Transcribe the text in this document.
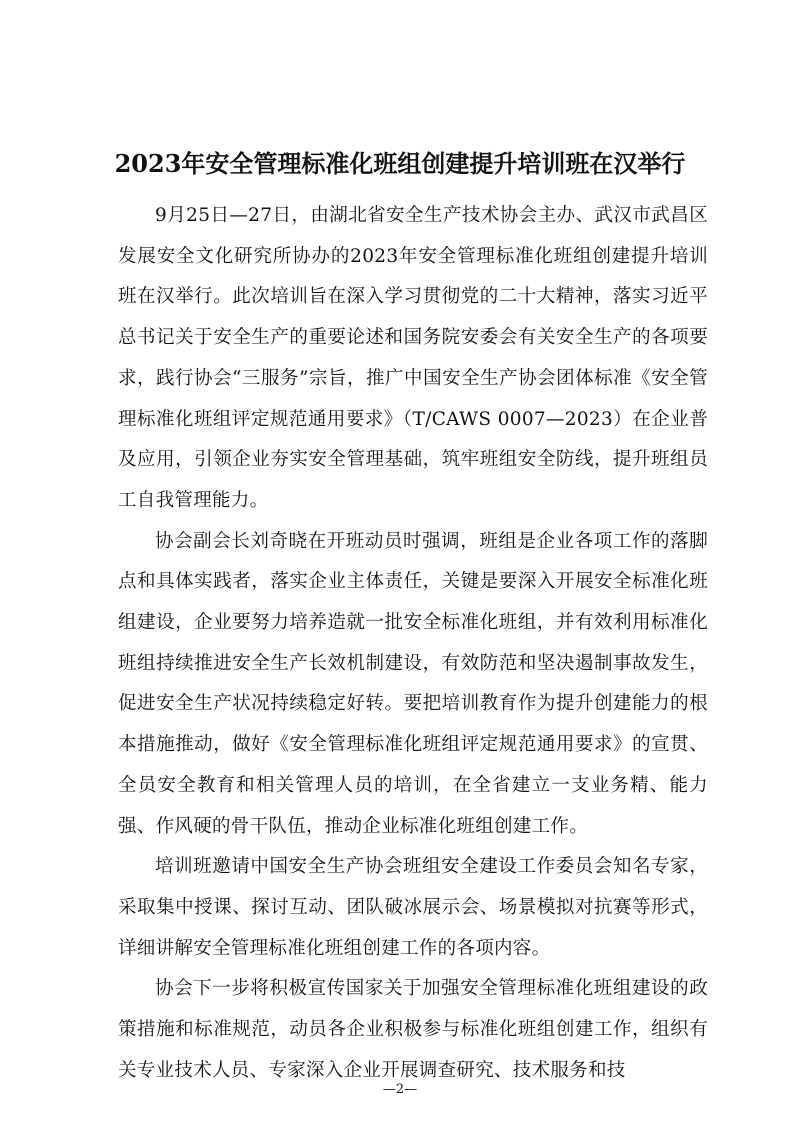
2023年安全管理标准化班组创建提升培训班在汉举行

9月25日—27日，由湖北省安全生产技术协会主办、武汉市武昌区发展安全文化研究所协办的2023年安全管理标准化班组创建提升培训班在汉举行。此次培训旨在深入学习贯彻党的二十大精神，落实习近平总书记关于安全生产的重要论述和国务院安委会有关安全生产的各项要求，践行协会“三服务”宗旨，推广中国安全生产协会团体标准《安全管理标准化班组评定规范通用要求》（T/CAWS 0007—2023）在企业普及应用，引领企业夯实安全管理基础，筑牢班组安全防线，提升班组员工自我管理能力。

协会副会长刘奇晓在开班动员时强调，班组是企业各项工作的落脚点和具体实践者，落实企业主体责任，关键是要深入开展安全标准化班组建设，企业要努力培养造就一批安全标准化班组，并有效利用标准化班组持续推进安全生产长效机制建设，有效防范和坚决遏制事故发生，促进安全生产状况持续稳定好转。要把培训教育作为提升创建能力的根本措施推动，做好《安全管理标准化班组评定规范通用要求》的宣贯、全员安全教育和相关管理人员的培训，在全省建立一支业务精、能力强、作风硬的骨干队伍，推动企业标准化班组创建工作。

培训班邀请中国安全生产协会班组安全建设工作委员会知名专家，采取集中授课、探讨互动、团队破冰展示会、场景模拟对抗赛等形式，详细讲解安全管理标准化班组创建工作的各项内容。

协会下一步将积极宣传国家关于加强安全管理标准化班组建设的政策措施和标准规范，动员各企业积极参与标准化班组创建工作，组织有关专业技术人员、专家深入企业开展调查研究、技术服务和技

—2—
